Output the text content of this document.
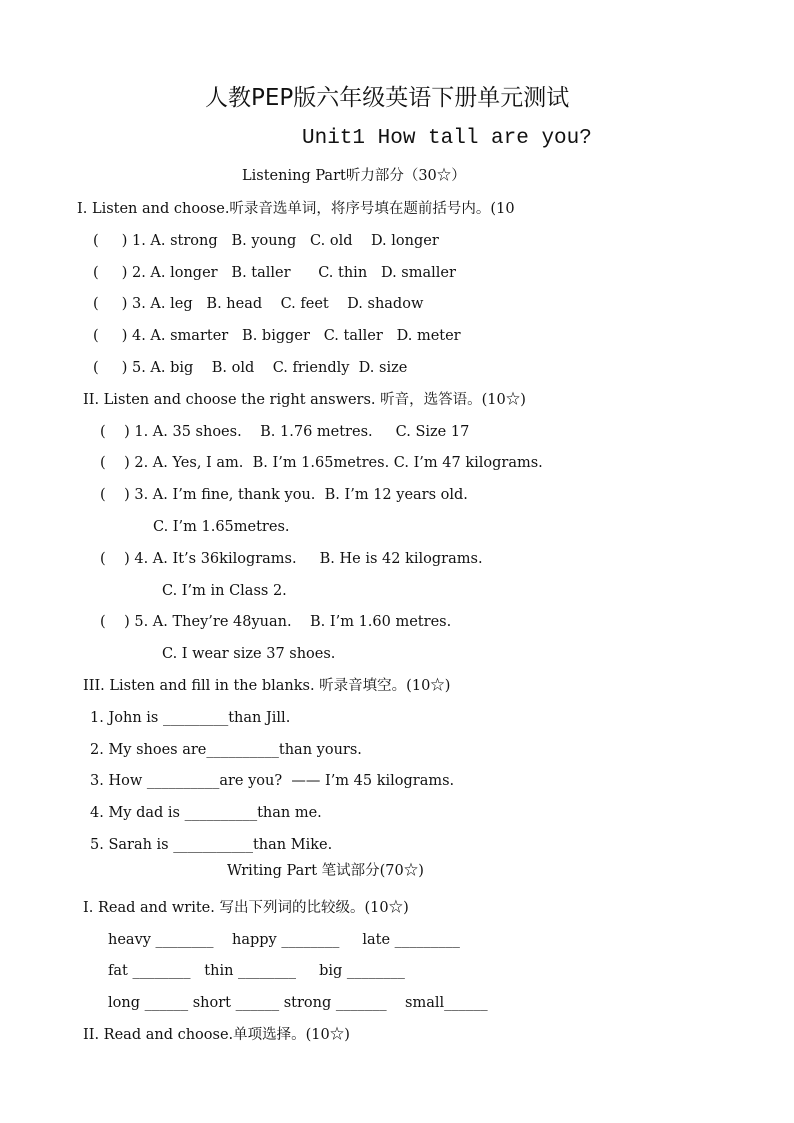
人教PEP版六年级英语下册单元测试
Unit1 How tall are you?
Listening Part听力部分（30☆）
I. Listen and choose.听录音选单词，将序号填在题前括号内。(10
(     ) 1. A. strong   B. young   C. old    D. longer
(     ) 2. A. longer   B. taller      C. thin   D. smaller
(     ) 3. A. leg   B. head    C. feet    D. shadow
(     ) 4. A. smarter   B. bigger   C. taller   D. meter
(     ) 5. A. big    B. old    C. friendly  D. size
II. Listen and choose the right answers. 听音，选答语。(10☆)
(    ) 1. A. 35 shoes.    B. 1.76 metres.     C. Size 17
(    ) 2. A. Yes, I am.  B. I’m 1.65metres. C. I’m 47 kilograms.
(    ) 3. A. I’m fine, thank you.  B. I’m 12 years old.
C. I’m 1.65metres.
(    ) 4. A. It’s 36kilograms.     B. He is 42 kilograms.
C. I’m in Class 2.
(    ) 5. A. They’re 48yuan.    B. I’m 1.60 metres.
C. I wear size 37 shoes.
III. Listen and fill in the blanks. 听录音填空。(10☆)
1. John is _________than Jill.
2. My shoes are__________than yours.
3. How __________are you?  —— I’m 45 kilograms.
4. My dad is __________than me.
5. Sarah is ___________than Mike.
Writing Part 笔试部分(70☆)
I. Read and write. 写出下列词的比较级。(10☆)
heavy ________    happy ________     late _________
fat ________   thin ________     big ________
long ______ short ______ strong _______    small______
II. Read and choose.单项选择。(10☆)
